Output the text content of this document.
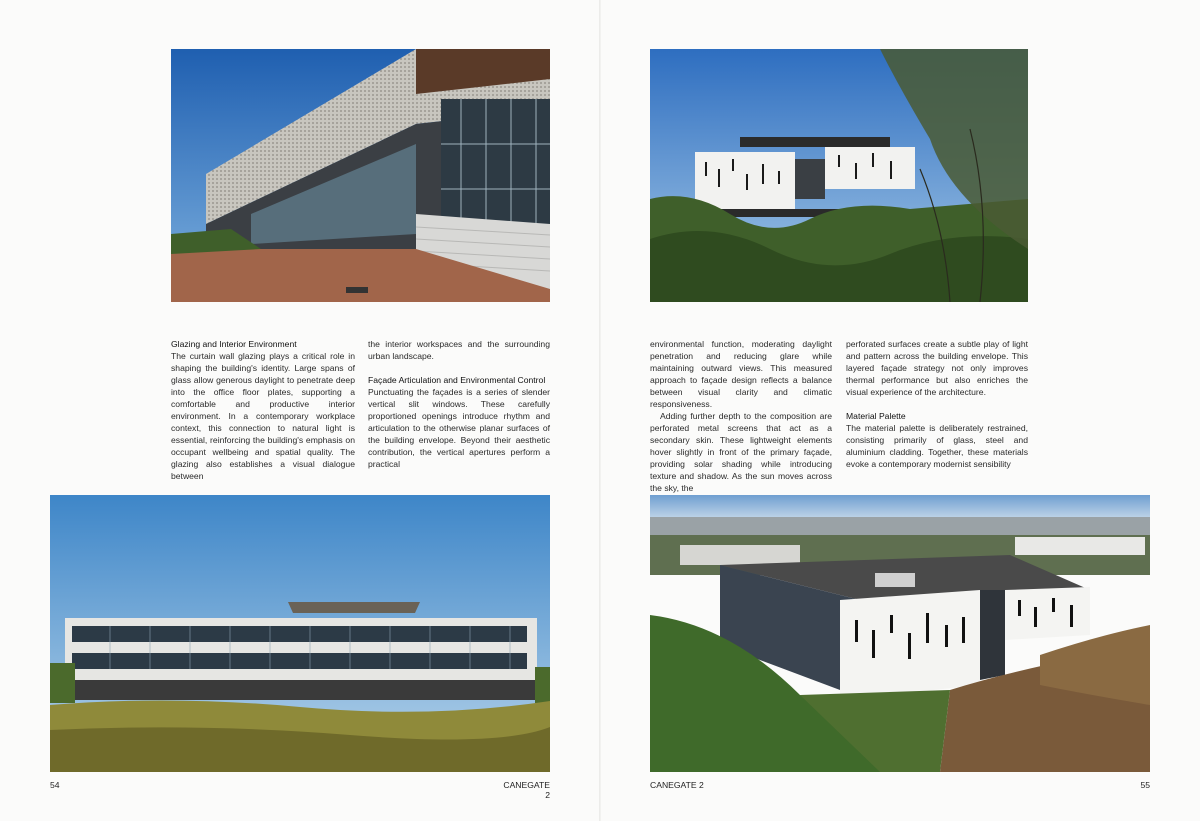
Glazing and Interior Environment

The curtain wall glazing plays a critical role in shaping the building's identity. Large spans of glass allow generous daylight to penetrate deep into the office floor plates, supporting a comfortable and productive interior environment. In a contemporary workplace context, this connection to natural light is essential, reinforcing the building's emphasis on occupant wellbeing and spatial quality. The glazing also establishes a visual dialogue between

the interior workspaces and the surrounding urban landscape.

Façade Articulation and Environmental Control

Punctuating the façades is a series of slender vertical slit windows. These carefully proportioned openings introduce rhythm and articulation to the otherwise planar surfaces of the building envelope. Beyond their aesthetic contribution, the vertical apertures perform a practical

environmental function, moderating daylight penetration and reducing glare while maintaining outward views. This measured approach to façade design reflects a balance between visual clarity and climatic responsiveness.

Adding further depth to the composition are perforated metal screens that act as a secondary skin. These lightweight elements hover slightly in front of the primary façade, providing solar shading while introducing texture and shadow. As the sun moves across the sky, the

perforated surfaces create a subtle play of light and pattern across the building envelope. This layered façade strategy not only improves thermal performance but also enriches the visual experience of the architecture.

Material Palette

The material palette is deliberately restrained, consisting primarily of glass, steel and aluminium cladding. Together, these materials evoke a contemporary modernist sensibility

54	CANEGATE 2
CANEGATE 2	55
